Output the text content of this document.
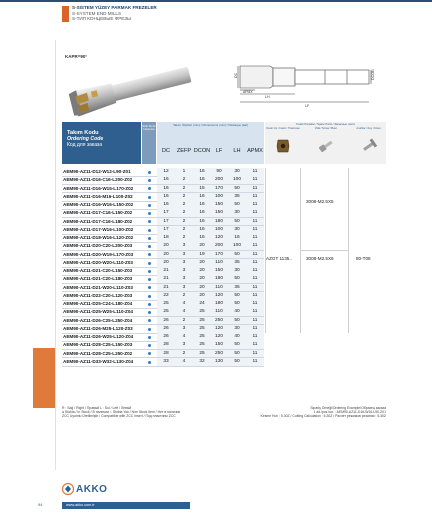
S-SISTEM YÜZEY PARMAK FREZELER
S-SYSTEM END MILLS
S-ТИП КОНЦЕВЫЕ ФРЕЗЫ
KAPR=90°
DC	DCON
APMX
LH
LF
Takım Kodu
Ordering Code
Код для заказа
Stok Stock Наличие
Takım Ölçüleri (mm) / Dimensions (mm) / Размеры (мм)
DC	ZEFP DCON LF	LH	APMX
Yedek Parçalar / Spare Parts / Запасные части
Kesici Uç / Insert / Пластина	Vida / Screw / Винт	Anahtar / Key / Ключ
AEM90-AZ11-D12-W12-L90-Z01	12	1	16	90	30	11
AEM90-AZ11-D16-C16-L200-Z02	16	2	16	200	100	11
AEM90-AZ11-D16-W15-L170-Z02	16	2	15	170	50	11
AEM90-AZ11-D16-M16-L100-Z02	16	2	16	100	35	11
AEM90-AZ11-D16-W16-L150-Z02	16	2	16	150	50	11
AEM90-AZ11-D17-C16-L150-Z02	17	2	16	150	30	11
AEM90-AZ11-D17-C16-L180-Z02	17	2	16	180	50	11
AEM90-AZ11-D17-W16-L100-Z02	17	2	16	100	30	11
AEM90-AZ11-D18-W16-L120-Z02	18	2	16	120	16	11
AEM90-AZ11-D20-C20-L200-Z03	20	3	20	200	100	11
AEM90-AZ11-D20-W19-L170-Z03	20	3	19	170	50	11
AEM90-AZ11-D20-W20-L110-Z03	20	3	20	110	35	11
AEM90-AZ11-D21-C20-L150-Z03	21	3	20	150	30	11
AEM90-AZ11-D21-C20-L180-Z03	21	3	20	180	50	11
AEM90-AZ11-D21-W20-L110-Z03	21	3	20	110	35	11
AEM90-AZ11-D22-C20-L120-Z03	22	2	20	120	50	11
AEM90-AZ11-D25-C24-L180-Z04	25	4	24	180	50	11
AEM90-AZ11-D25-W25-L110-Z04	25	4	25	110	40	11
AEM90-AZ11-D26-C25-L250-Z04	26	2	25	250	50	11
AEM90-AZ11-D26-M25-L120-Z03	26	3	25	120	30	11
AEM90-AZ11-D26-W25-L120-Z04	26	4	25	120	40	11
AEM90-AZ11-D28-C25-L150-Z03	28	3	25	150	50	11
AEM90-AZ11-D28-C25-L250-Z02	28	2	25	250	50	11
AEM90-AZ11-D33-W32-L130-Z04	33	4	32	130	50	11
AZGT 1135..
3008-M2.5X5
3008-M2.5X6	80-T08
R : Sağ / Right / Правый L : Sol / Left / Левый
● Stokta / In Stock / В наличии ○ Stokta Yok / Non Stock Item / Нет в наличии
ZCC Uyumlu Üretilmiştir / Compatible with ZCC Insert / Под пластины ZCC
Sipariş Örneği/Ordering Example/Образец заказа
1 ad./pcs./шт. : AEM90-AZ11-D16-W16-L90-Z01
Kesme Hızı : 5.30Z / Cutting Calculation : 5.30Z / Расчет режимов резания : 5.30Z
AKKO
www.akko.com.tr
94
